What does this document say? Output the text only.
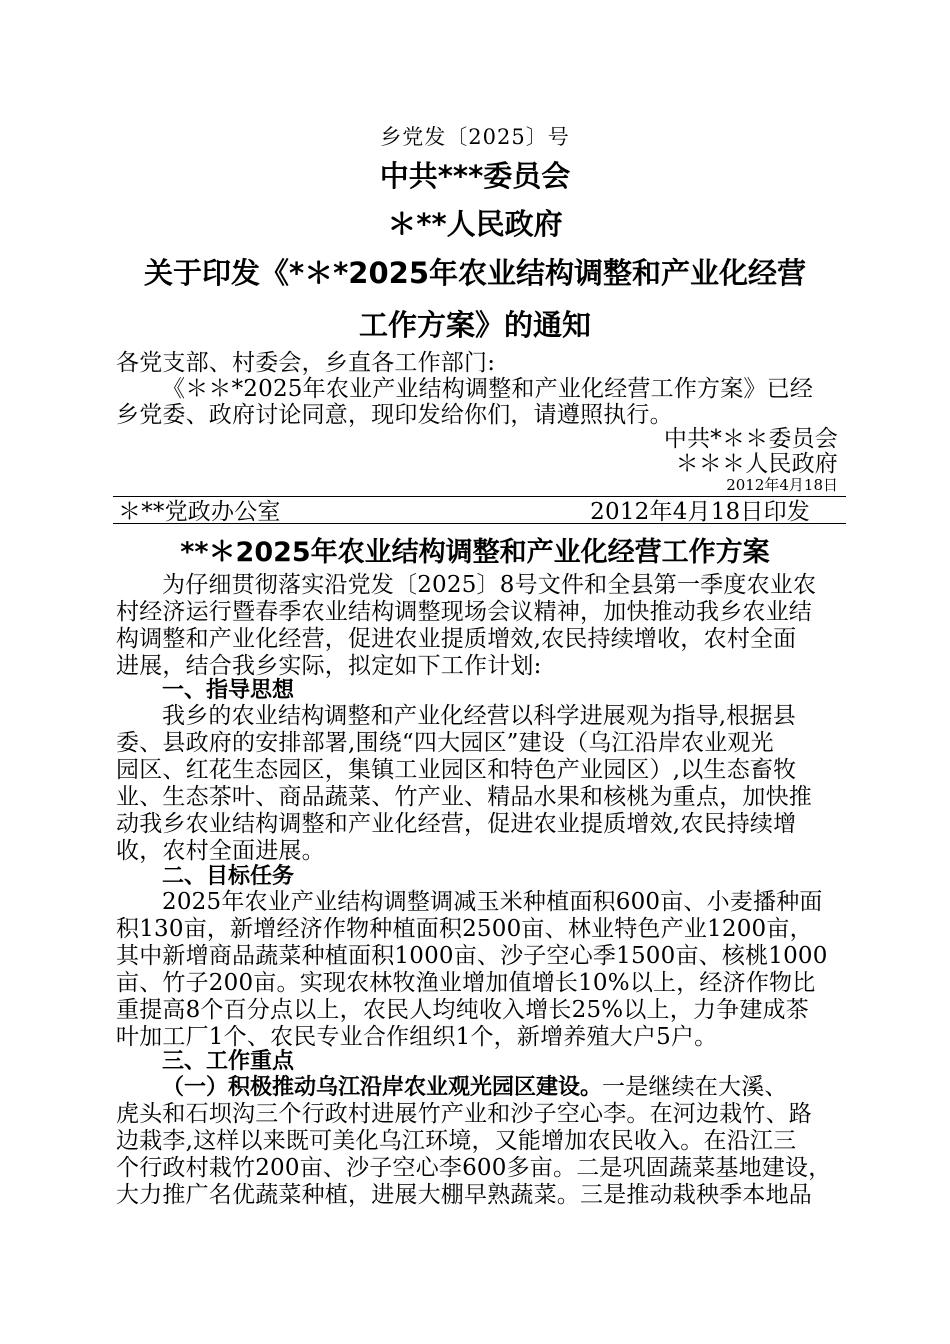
乡党发〔2025〕号
中共***委员会
＊**人民政府
关于印发《*＊*2025年农业结构调整和产业化经营
工作方案》的通知
各党支部、村委会，乡直各工作部门:
《＊＊*2025年农业产业结构调整和产业化经营工作方案》已经
乡党委、政府讨论同意，现印发给你们，请遵照执行。
中共*＊＊委员会
＊＊＊人民政府
2012年4月18日
＊**党政办公室	2012年4月18日印发
**＊2025年农业结构调整和产业化经营工作方案
为仔细贯彻落实沿党发〔2025〕8号文件和全县第一季度农业农
村经济运行暨春季农业结构调整现场会议精神，加快推动我乡农业结
构调整和产业化经营，促进农业提质增效,农民持续增收，农村全面
进展，结合我乡实际，拟定如下工作计划:
一、指导思想
我乡的农业结构调整和产业化经营以科学进展观为指导,根据县
委、县政府的安排部署,围绕“四大园区”建设（乌江沿岸农业观光
园区、红花生态园区，集镇工业园区和特色产业园区）,以生态畜牧
业、生态茶叶、商品蔬菜、竹产业、精品水果和核桃为重点，加快推
动我乡农业结构调整和产业化经营，促进农业提质增效,农民持续增
收，农村全面进展。
二、目标任务
2025年农业产业结构调整调减玉米种植面积600亩、小麦播种面
积130亩，新增经济作物种植面积2500亩、林业特色产业1200亩，
其中新增商品蔬菜种植面积1000亩、沙子空心季1500亩、核桃1000
亩、竹子200亩。实现农林牧渔业增加值增长10%以上，经济作物比
重提高8个百分点以上，农民人均纯收入增长25%以上，力争建成茶
叶加工厂1个、农民专业合作组织1个，新增养殖大户5户。
三、工作重点
（一）积极推动乌江沿岸农业观光园区建设。一是继续在大溪、
虎头和石坝沟三个行政村进展竹产业和沙子空心李。在河边栽竹、路
边栽李,这样以来既可美化乌江环境，又能增加农民收入。在沿江三
个行政村栽竹200亩、沙子空心李600多亩。二是巩固蔬菜基地建设，
大力推广名优蔬菜种植，进展大棚早熟蔬菜。三是推动栽秧季本地品
